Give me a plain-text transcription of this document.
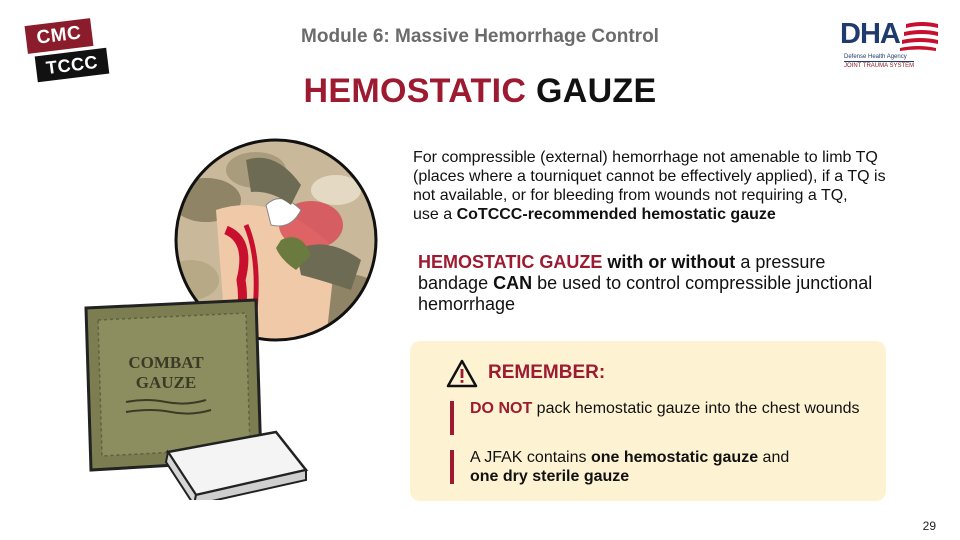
CMC
TCCC
Module 6: Massive Hemorrhage Control	DHA
Defense Health Agency
JOINT TRAUMA SYSTEM
HEMOSTATIC GAUZE
COMBAT
GAUZE
For compressible (external) hemorrhage not amenable to limb TQ (places where a tourniquet cannot be effectively applied), if a TQ is not available, or for bleeding from wounds not requiring a TQ,
use a CoTCCC-recommended hemostatic gauze
HEMOSTATIC GAUZE with or without a pressure bandage CAN be used to control compressible junctional hemorrhage
REMEMBER:
DO NOT pack hemostatic gauze into the chest wounds
A JFAK contains one hemostatic gauze and
one dry sterile gauze
29
